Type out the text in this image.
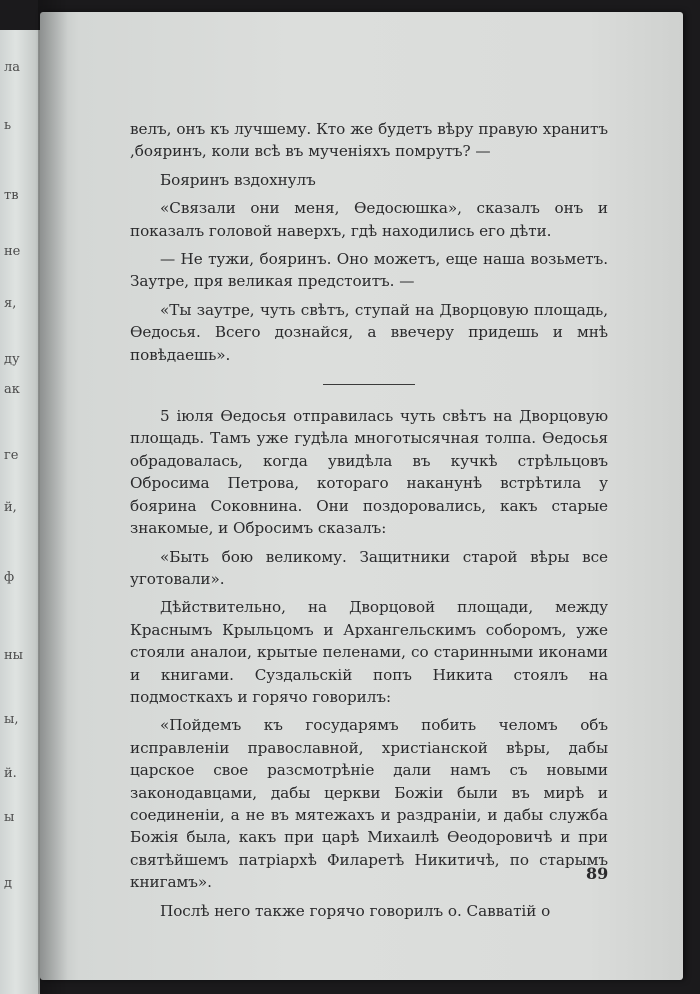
ла
ь
тв
не
я,
ду
ак
ге
й,
ф
ны
ы,
й.
ы
д

велъ, онъ къ лучшему. Кто же будетъ вѣру правую хранитъ ,бояринъ, коли всѣ въ мученiяхъ помрутъ? —

Бояринъ вздохнулъ

«Связали они меня, Ѳедосюшка», сказалъ онъ и показалъ головой наверхъ, гдѣ находились его дѣти.

— Не тужи, бояринъ. Оно можетъ, еще наша возьметъ. Заутре, пря великая предстоитъ. —

«Ты заутре, чуть свѣтъ, ступай на Дворцовую площадь, Ѳедосья. Всего дознайся, а ввечеру придешь и мнѣ повѣдаешь».

5 iюля Ѳедосья отправилась чуть свѣтъ на Дворцовую площадь. Тамъ уже гудѣла многотысячная толпа. Ѳедосья обрадовалась, когда увидѣла въ кучкѣ стрѣльцовъ Обросима Петрова, котораго наканунѣ встрѣтила у боярина Соковнина. Они поздоровались, какъ старые знакомые, и Обросимъ сказалъ:

«Быть бою великому. Защитники старой вѣры все уготовали».

Дѣйствительно, на Дворцовой площади, между Краснымъ Крыльцомъ и Архангельскимъ соборомъ, уже стояли аналои, крытые пеленами, со старинными иконами и книгами. Суздальскiй попъ Никита стоялъ на подмосткахъ и горячо говорилъ:

«Пойдемъ къ государямъ побить челомъ объ исправленiи православной, христiанской вѣры, дабы царское свое разсмотрѣнiе дали намъ съ новыми законодавцами, дабы церкви Божiи были въ мирѣ и соединенiи, а не въ мятежахъ и раздранiи, и дабы служба Божiя была, какъ при царѣ Михаилѣ Ѳеодоровичѣ и при святѣйшемъ патрiархѣ Филаретѣ Никитичѣ, по старымъ книгамъ».

Послѣ него также горячо говорилъ о. Савватiй о

89
